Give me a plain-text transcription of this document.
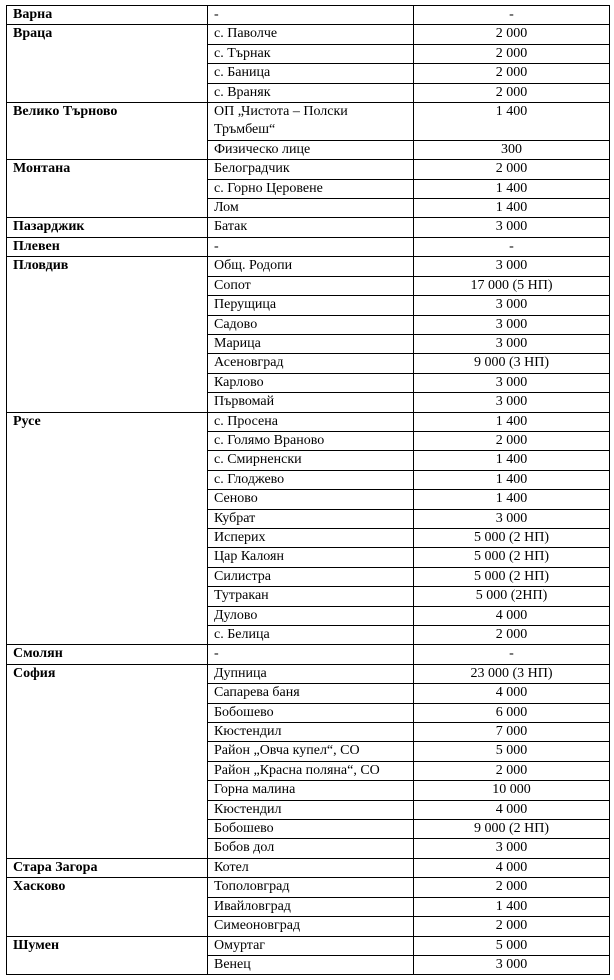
Варна	-	-
Враца	с. Паволче	2 000
	с. Търнак	2 000
	с. Баница	2 000
	с. Враняк	2 000
Велико Търново	ОП „Чистота – Полски Тръмбеш“	1 400
	Физическо лице	300
Монтана	Белоградчик	2 000
	с. Горно Церовене	1 400
	Лом	1 400
Пазарджик	Батак	3 000
Плевен	-	-
Пловдив	Общ. Родопи	3 000
	Сопот	17 000 (5 НП)
	Перущица	3 000
	Садово	3 000
	Марица	3 000
	Асеновград	9 000 (3 НП)
	Карлово	3 000
	Първомай	3 000
Русе	с. Просена	1 400
	с. Голямо Враново	2 000
	с. Смирненски	1 400
	с. Глоджево	1 400
	Сеново	1 400
	Кубрат	3 000
	Исперих	5 000 (2 НП)
	Цар Калоян	5 000 (2 НП)
	Силистра	5 000 (2 НП)
	Тутракан	5 000 (2НП)
	Дулово	4 000
	с. Белица	2 000
Смолян	-	-
София	Дупница	23 000 (3 НП)
	Сапарева баня	4 000
	Бобошево	6 000
	Кюстендил	7 000
	Район „Овча купел“, СО	5 000
	Район „Красна поляна“, СО	2 000
	Горна малина	10 000
	Кюстендил	4 000
	Бобошево	9 000 (2 НП)
	Бобов дол	3 000
Стара Загора	Котел	4 000
Хасково	Тополовград	2 000
	Ивайловград	1 400
	Симеоновград	2 000
Шумен	Омуртаг	5 000
	Венец	3 000
